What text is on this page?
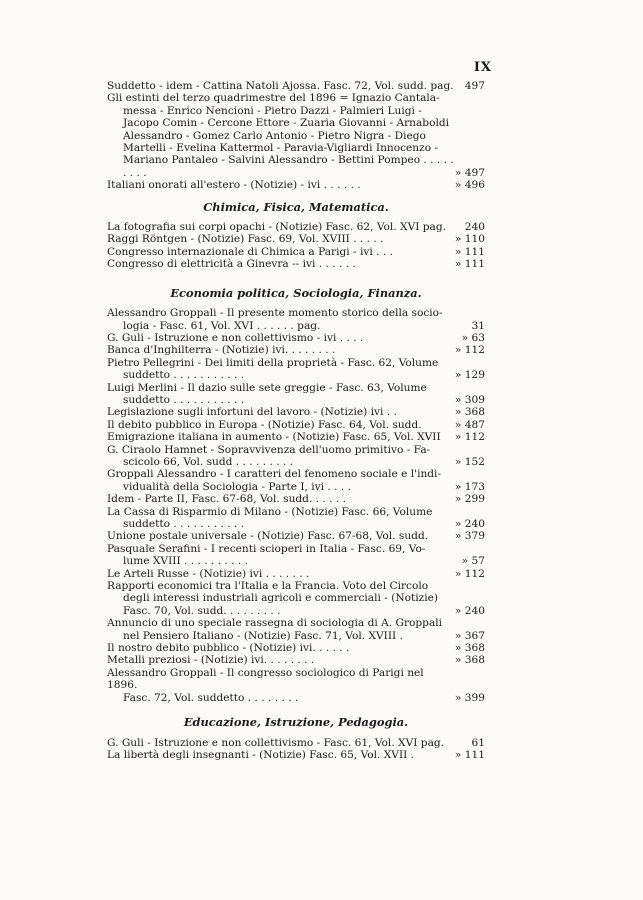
IX
Suddetto - idem - Cattina Natoli Ajossa. Fasc. 72, Vol. sudd. pag. 497
Gli estinti del terzo quadrimestre del 1896 = Ignazio Cantala-
messa - Enrico Nencioni - Pietro Dazzi - Palmieri Luigi - Jacopo Comin - Cercone Ettore - Zuaria Giovanni - Arnaboldi Alessandro - Gomez Carlo Antonio - Pietro Nigra - Diego Martelli - Evelina Kattermol - Paravia-Vigliardi Innocenzo - Mariano Pantaleo - Salvini Alessandro - Bettini Pompeo . . . . . . . . .	» 497
Italiani onorati all'estero - (Notizie) - ivi . . . . . .	» 496
Chimica, Fisica, Matematica.
La fotografia sui corpi opachi - (Notizie) Fasc. 62, Vol. XVI pag.	240
Raggi Röntgen - (Notizie) Fasc. 69, Vol. XVIII . . . . .	» 110
Congresso internazionale di Chimica a Parigi - ivi . . .	» 111
Congresso di elettricità a Ginevra -- ivi . . . . . .	» 111
Economia politica, Sociologia, Finanza.
Alessandro Groppali - Il presente momento storico della socio-
logia - Fasc. 61, Vol. XVI . . . . . . pag.	31
G. Guli - Istruzione e non collettivismo - ivi . . . .	» 63
Banca d'Inghilterra - (Notizie) ivi. . . . . . . .	» 112
Pietro Pellegrini - Dei limiti della proprietà - Fasc. 62, Volume
suddetto . . . . . . . . . . .	» 129
Luigi Merlini - Il dazio sulle sete greggie - Fasc. 63, Volume
suddetto . . . . . . . . . . .	» 309
Legislazione sugli infortuni del lavoro - (Notizie) ivi . .	» 368
Il debito pubblico in Europa - (Notizie) Fasc. 64, Vol. sudd.	» 487
Emigrazione italiana in aumento - (Notizie) Fasc. 65, Vol. XVII	» 112
G. Ciraolo Hamnet - Sopravvivenza dell'uomo primitivo - Fa-
scicolo 66, Vol. sudd . . . . . . . . .	» 152
Groppali Alessandro - I caratteri del fenomeno sociale e l'indi-
vidualità della Sociologia - Parte I, ivi . . . .	» 173
Idem - Parte II, Fasc. 67-68, Vol. sudd. . . . . .	» 299
La Cassa di Risparmio di Milano - (Notizie) Fasc. 66, Volume
suddetto . . . . . . . . . . .	» 240
Unione postale universale - (Notizie) Fasc. 67-68, Vol. sudd.	» 379
Pasquale Serafini - I recenti scioperi in Italia - Fasc. 69, Vo-
lume XVIII . . . . . . . . . .	» 57
Le Arteli Russe - (Notizie) ivi . . . . . . .	» 112
Rapporti economici tra l'Italia e la Francia. Voto del Circolo
degli interessi industriali agricoli e commerciali - (Notizie) Fasc. 70, Vol. sudd. . . . . . . . .	» 240
Annuncio di uno speciale rassegna di sociologia di A. Groppali
nel Pensiero Italiano - (Notizie) Fasc. 71, Vol. XVIII .	» 367
Il nostro debito pubblico - (Notizie) ivi. . . . . .	» 368
Metalli preziosi - (Notizie) ivi. . . . . . . .	» 368
Alessandro Groppali - Il congresso sociologico di Parigi nel 1896.
Fasc. 72, Vol. suddetto . . . . . . . .	» 399
Educazione, Istruzione, Pedagogia.
G. Guli - Istruzione e non collettivismo - Fasc. 61, Vol. XVI pag.	61
La libertà degli insegnanti - (Notizie) Fasc. 65, Vol. XVII .	» 111
